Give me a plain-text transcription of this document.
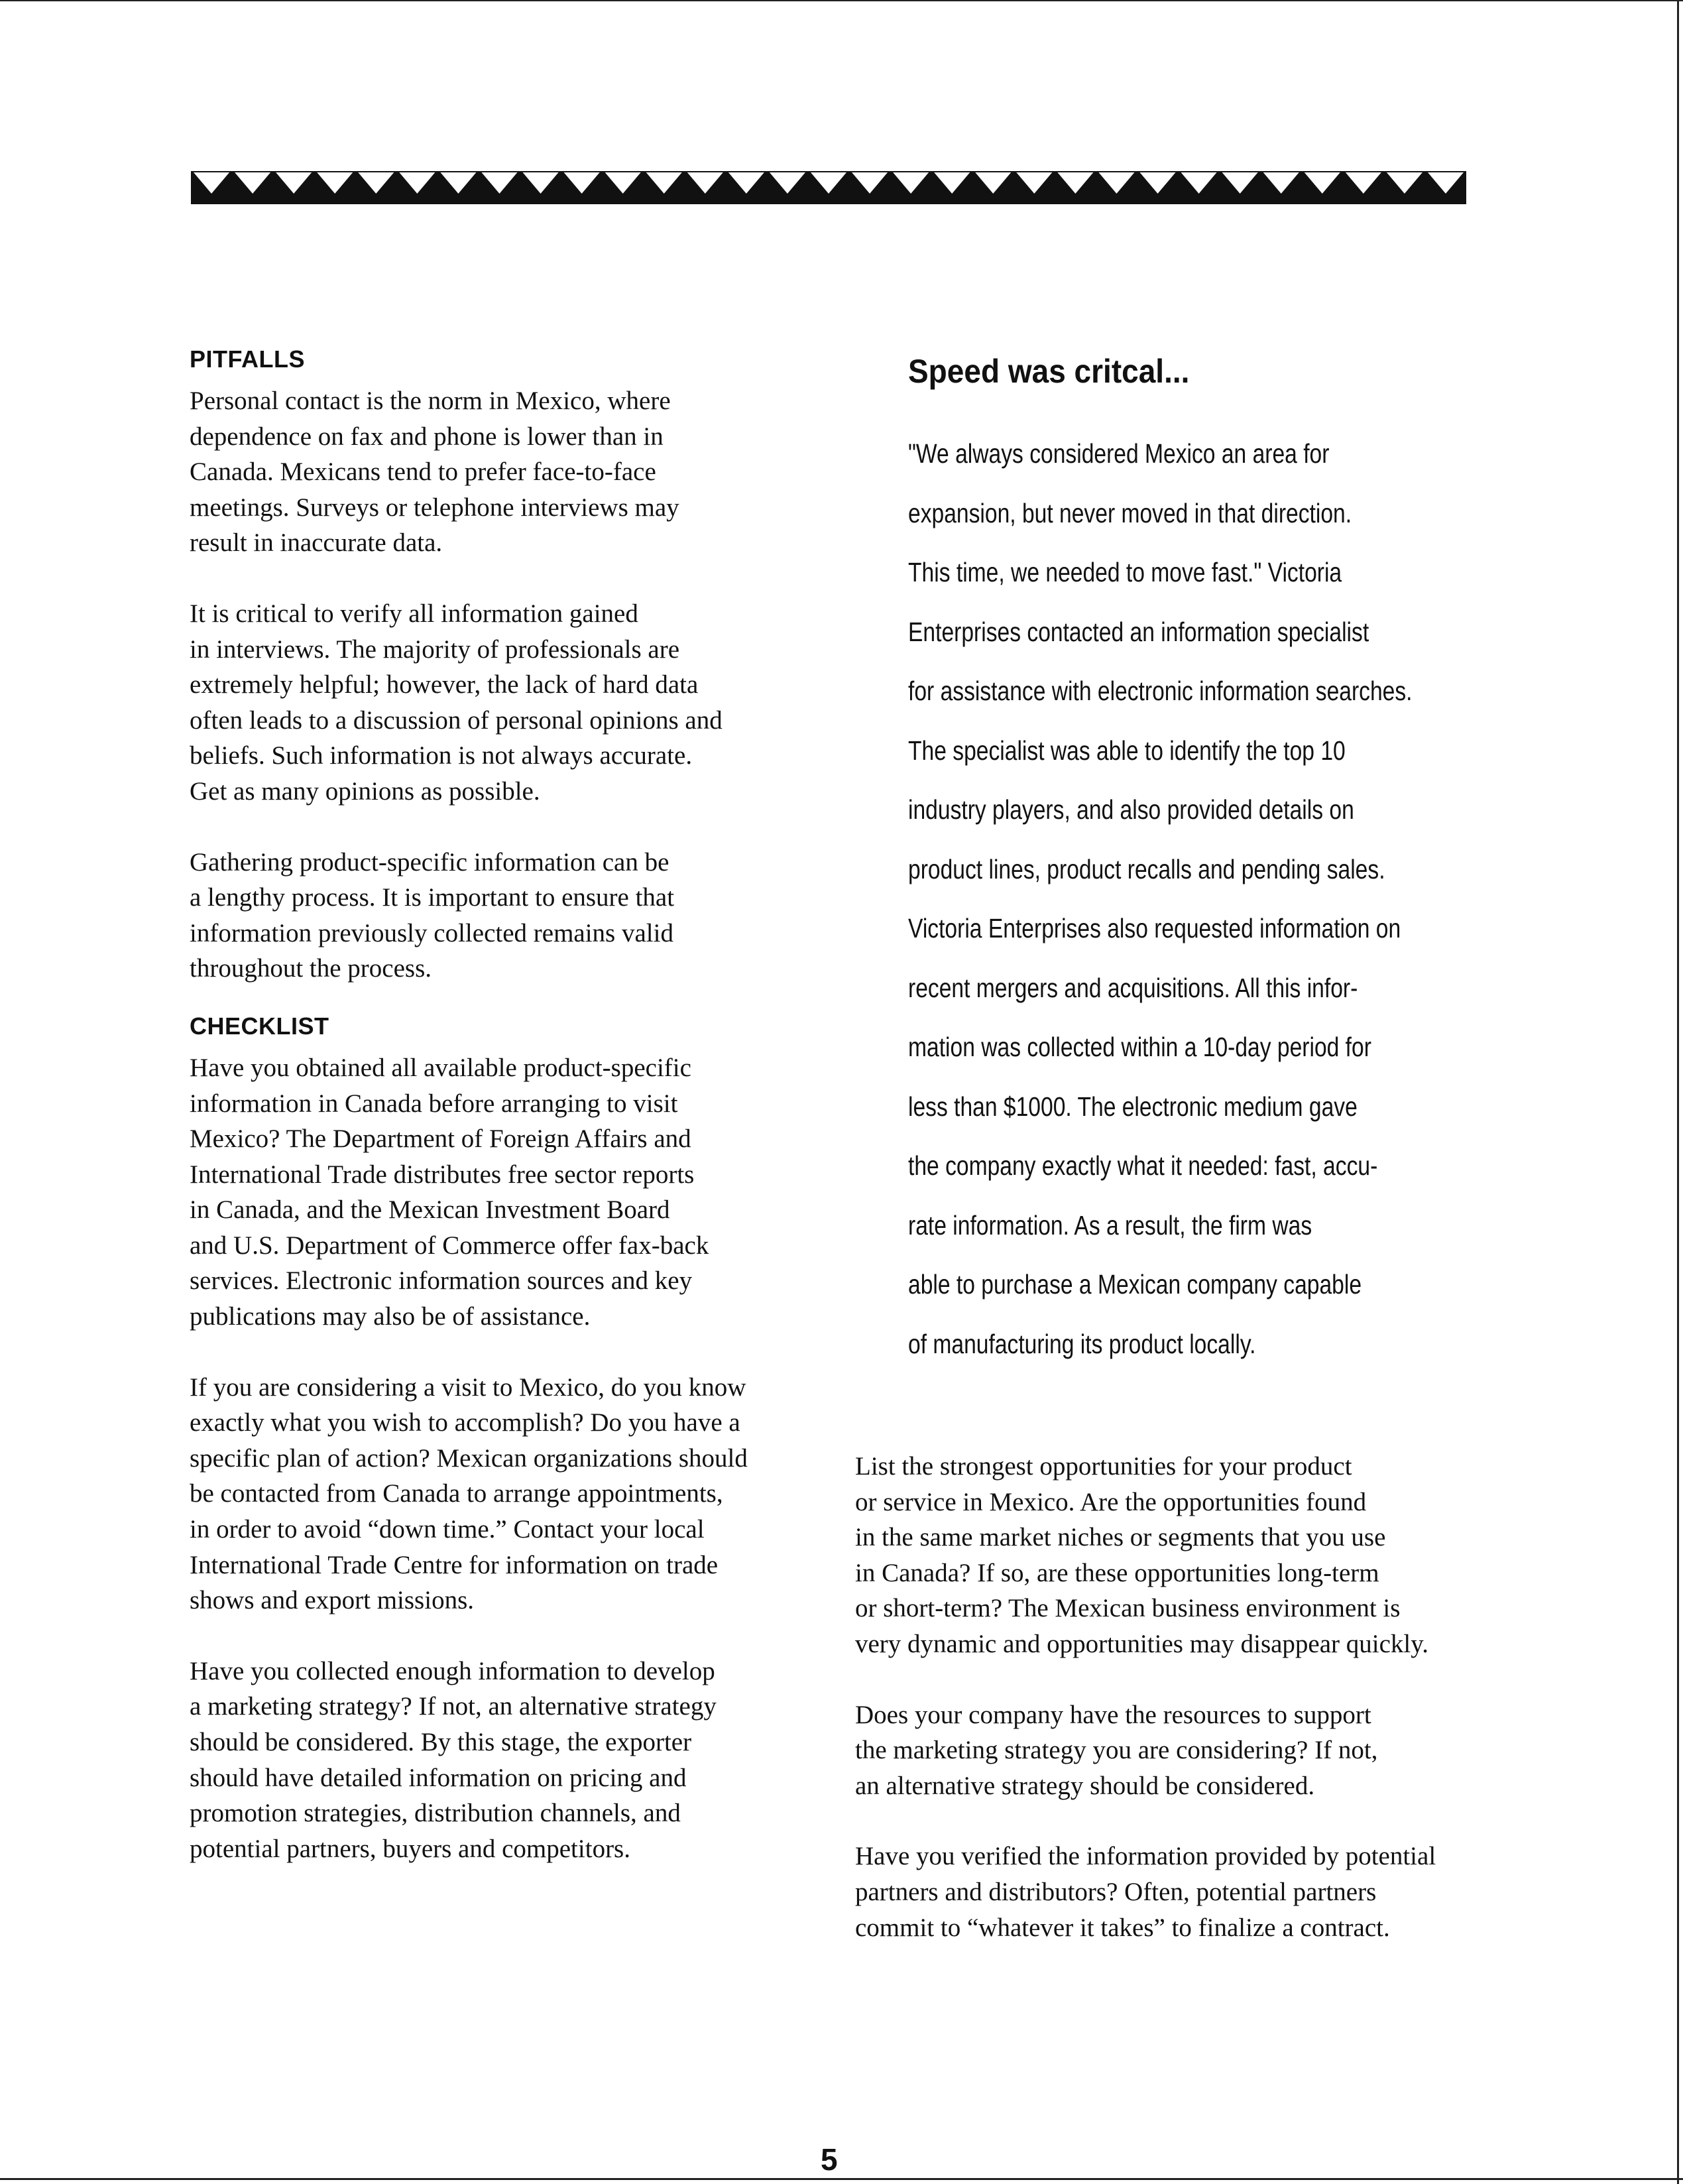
PITFALLS
Personal contact is the norm in Mexico, where
dependence on fax and phone is lower than in
Canada. Mexicans tend to prefer face-to-face
meetings. Surveys or telephone interviews may
result in inaccurate data.
It is critical to verify all information gained
in interviews. The majority of professionals are
extremely helpful; however, the lack of hard data
often leads to a discussion of personal opinions and
beliefs. Such information is not always accurate.
Get as many opinions as possible.
Gathering product-specific information can be
a lengthy process. It is important to ensure that
information previously collected remains valid
throughout the process.
CHECKLIST
Have you obtained all available product-specific
information in Canada before arranging to visit
Mexico? The Department of Foreign Affairs and
International Trade distributes free sector reports
in Canada, and the Mexican Investment Board
and U.S. Department of Commerce offer fax-back
services. Electronic information sources and key
publications may also be of assistance.
If you are considering a visit to Mexico, do you know
exactly what you wish to accomplish? Do you have a
specific plan of action? Mexican organizations should
be contacted from Canada to arrange appointments,
in order to avoid “down time.” Contact your local
International Trade Centre for information on trade
shows and export missions.
Have you collected enough information to develop
a marketing strategy? If not, an alternative strategy
should be considered. By this stage, the exporter
should have detailed information on pricing and
promotion strategies, distribution channels, and
potential partners, buyers and competitors.
Speed was critcal...
"We always considered Mexico an area for
expansion, but never moved in that direction.
This time, we needed to move fast." Victoria
Enterprises contacted an information specialist
for assistance with electronic information searches.
The specialist was able to identify the top 10
industry players, and also provided details on
product lines, product recalls and pending sales.
Victoria Enterprises also requested information on
recent mergers and acquisitions. All this infor-
mation was collected within a 10-day period for
less than $1000. The electronic medium gave
the company exactly what it needed: fast, accu-
rate information. As a result, the firm was
able to purchase a Mexican company capable
of manufacturing its product locally.
List the strongest opportunities for your product
or service in Mexico. Are the opportunities found
in the same market niches or segments that you use
in Canada? If so, are these opportunities long-term
or short-term? The Mexican business environment is
very dynamic and opportunities may disappear quickly.
Does your company have the resources to support
the marketing strategy you are considering? If not,
an alternative strategy should be considered.
Have you verified the information provided by potential
partners and distributors? Often, potential partners
commit to “whatever it takes” to finalize a contract.
5
